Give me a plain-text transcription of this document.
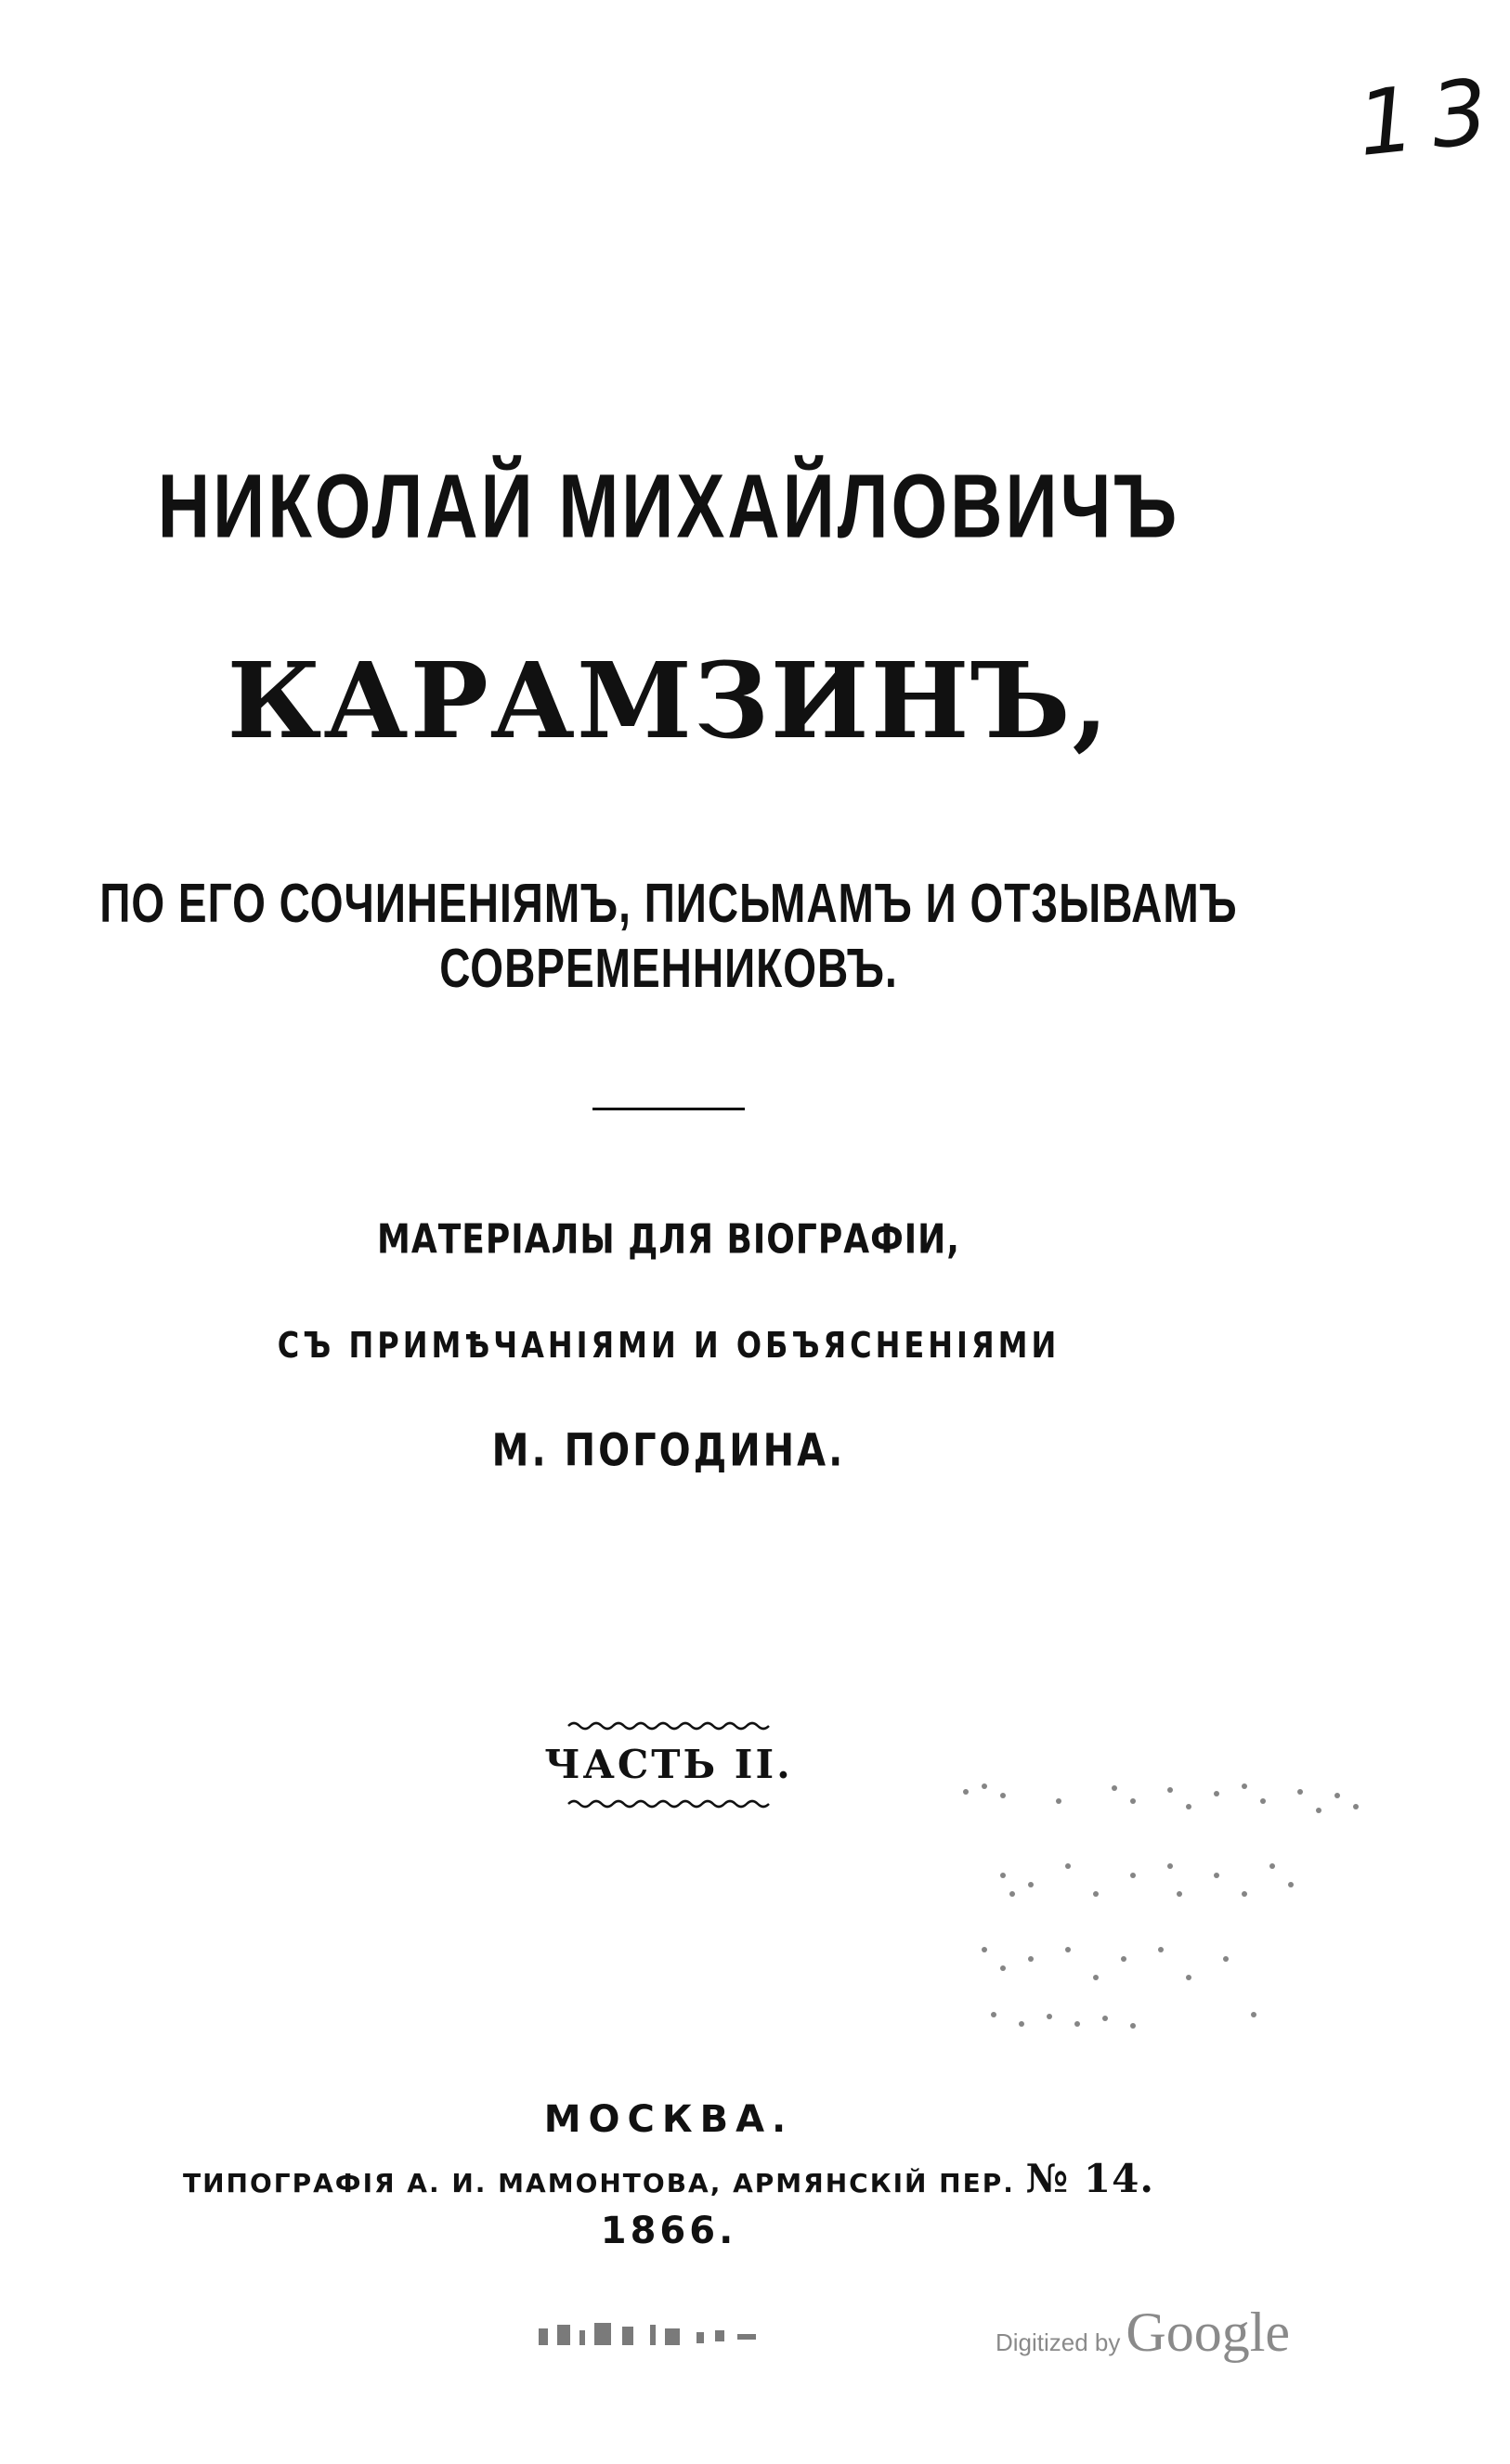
13
НИКОЛАЙ МИХАЙЛОВИЧЪ
КАРАМЗИНЪ,
ПО ЕГО СОЧИНЕНІЯМЪ, ПИСЬМАМЪ И ОТЗЫВАМЪ
СОВРЕМЕННИКОВЪ.
МАТЕРІАЛЫ ДЛЯ ВІОГРАФІИ,
СЪ ПРИМѢЧАНІЯМИ И ОБЪЯСНЕНІЯМИ
М. ПОГОДИНА.
ЧАСТЬ II.
МОСКВА.
ТИПОГРАФІЯ А. И. МАМОНТОВА, АРМЯНСКІЙ ПЕР. № 14.
1866.
Digitized by Google
